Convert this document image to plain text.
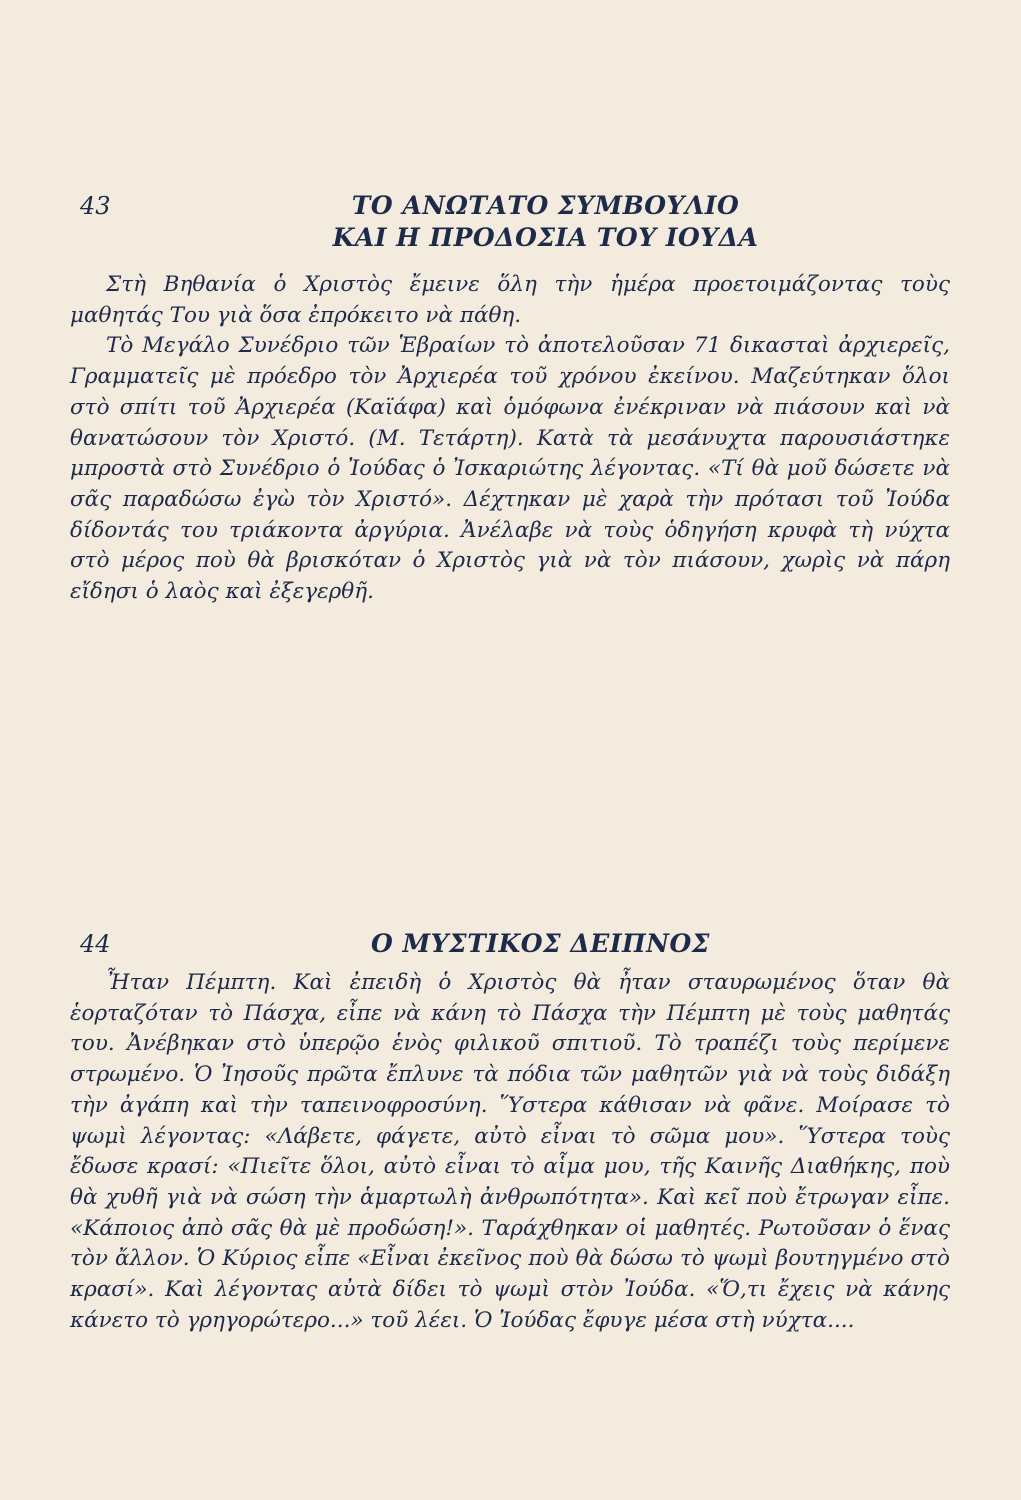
43	ΤΟ ΑΝΩΤΑΤΟ ΣΥΜΒΟΥΛΙΟ
ΚΑΙ Η ΠΡΟΔΟΣΙΑ ΤΟΥ ΙΟΥΔΑ

Στὴ Βηθανία ὁ Χριστὸς ἔμεινε ὅλη τὴν ἡμέρα προετοιμάζοντας τοὺς μαθητάς Του γιὰ ὅσα ἐπρόκειτο νὰ πάθη.

Τὸ Μεγάλο Συνέδριο τῶν Ἑβραίων τὸ ἀποτελοῦσαν 71 δικασταὶ ἀρχιερεῖς, Γραμματεῖς μὲ πρόεδρο τὸν Ἀρχιερέα τοῦ χρόνου ἐκείνου. Μαζεύτηκαν ὅλοι στὸ σπίτι τοῦ Ἀρχιερέα (Καϊάφα) καὶ ὁμόφωνα ἐνέκριναν νὰ πιάσουν καὶ νὰ θανατώσουν τὸν Χριστό. (Μ. Τετάρτη). Κατὰ τὰ μεσάνυχτα παρουσιάστηκε μπροστὰ στὸ Συνέδριο ὁ Ἰούδας ὁ Ἰσκαριώτης λέγοντας. «Τί θὰ μοῦ δώσετε νὰ σᾶς παραδώσω ἐγὼ τὸν Χριστό». Δέχτηκαν μὲ χαρὰ τὴν πρότασι τοῦ Ἰούδα δίδοντάς του τριάκοντα ἀργύρια. Ἀνέλαβε νὰ τοὺς ὁδηγήση κρυφὰ τὴ νύχτα στὸ μέρος ποὺ θὰ βρισκόταν ὁ Χριστὸς γιὰ νὰ τὸν πιάσουν, χωρὶς νὰ πάρη εἴδησι ὁ λαὸς καὶ ἐξεγερθῆ.

44	Ο ΜΥΣΤΙΚΟΣ ΔΕΙΠΝΟΣ

Ἦταν Πέμπτη. Καὶ ἐπειδὴ ὁ Χριστὸς θὰ ἦταν σταυρωμένος ὅταν θὰ ἑορταζόταν τὸ Πάσχα, εἶπε νὰ κάνη τὸ Πάσχα τὴν Πέμπτη μὲ τοὺς μαθητάς του. Ἀνέβηκαν στὸ ὑπερῷο ἑνὸς φιλικοῦ σπιτιοῦ. Τὸ τραπέζι τοὺς περίμενε στρωμένο. Ὁ Ἰησοῦς πρῶτα ἔπλυνε τὰ πόδια τῶν μαθητῶν γιὰ νὰ τοὺς διδάξη τὴν ἀγάπη καὶ τὴν ταπεινοφροσύνη. Ὕστερα κάθισαν νὰ φᾶνε. Μοίρασε τὸ ψωμὶ λέγοντας: «Λάβετε, φάγετε, αὐτὸ εἶναι τὸ σῶμα μου». Ὕστερα τοὺς ἔδωσε κρασί: «Πιεῖτε ὅλοι, αὐτὸ εἶναι τὸ αἷμα μου, τῆς Καινῆς Διαθήκης, ποὺ θὰ χυθῆ γιὰ νὰ σώση τὴν ἁμαρτωλὴ ἀνθρωπότητα». Καὶ κεῖ ποὺ ἔτρωγαν εἶπε. «Κάποιος ἀπὸ σᾶς θὰ μὲ προδώση!». Ταράχθηκαν οἱ μαθητές. Ρωτοῦσαν ὁ ἕνας τὸν ἄλλον. Ὁ Κύριος εἶπε «Εἶναι ἐκεῖνος ποὺ θὰ δώσω τὸ ψωμὶ βουτηγμένο στὸ κρασί». Καὶ λέγοντας αὐτὰ δίδει τὸ ψωμὶ στὸν Ἰούδα. «Ὅ,τι ἔχεις νὰ κάνης κάνετο τὸ γρηγορώτερο...» τοῦ λέει. Ὁ Ἰούδας ἔφυγε μέσα στὴ νύχτα....
